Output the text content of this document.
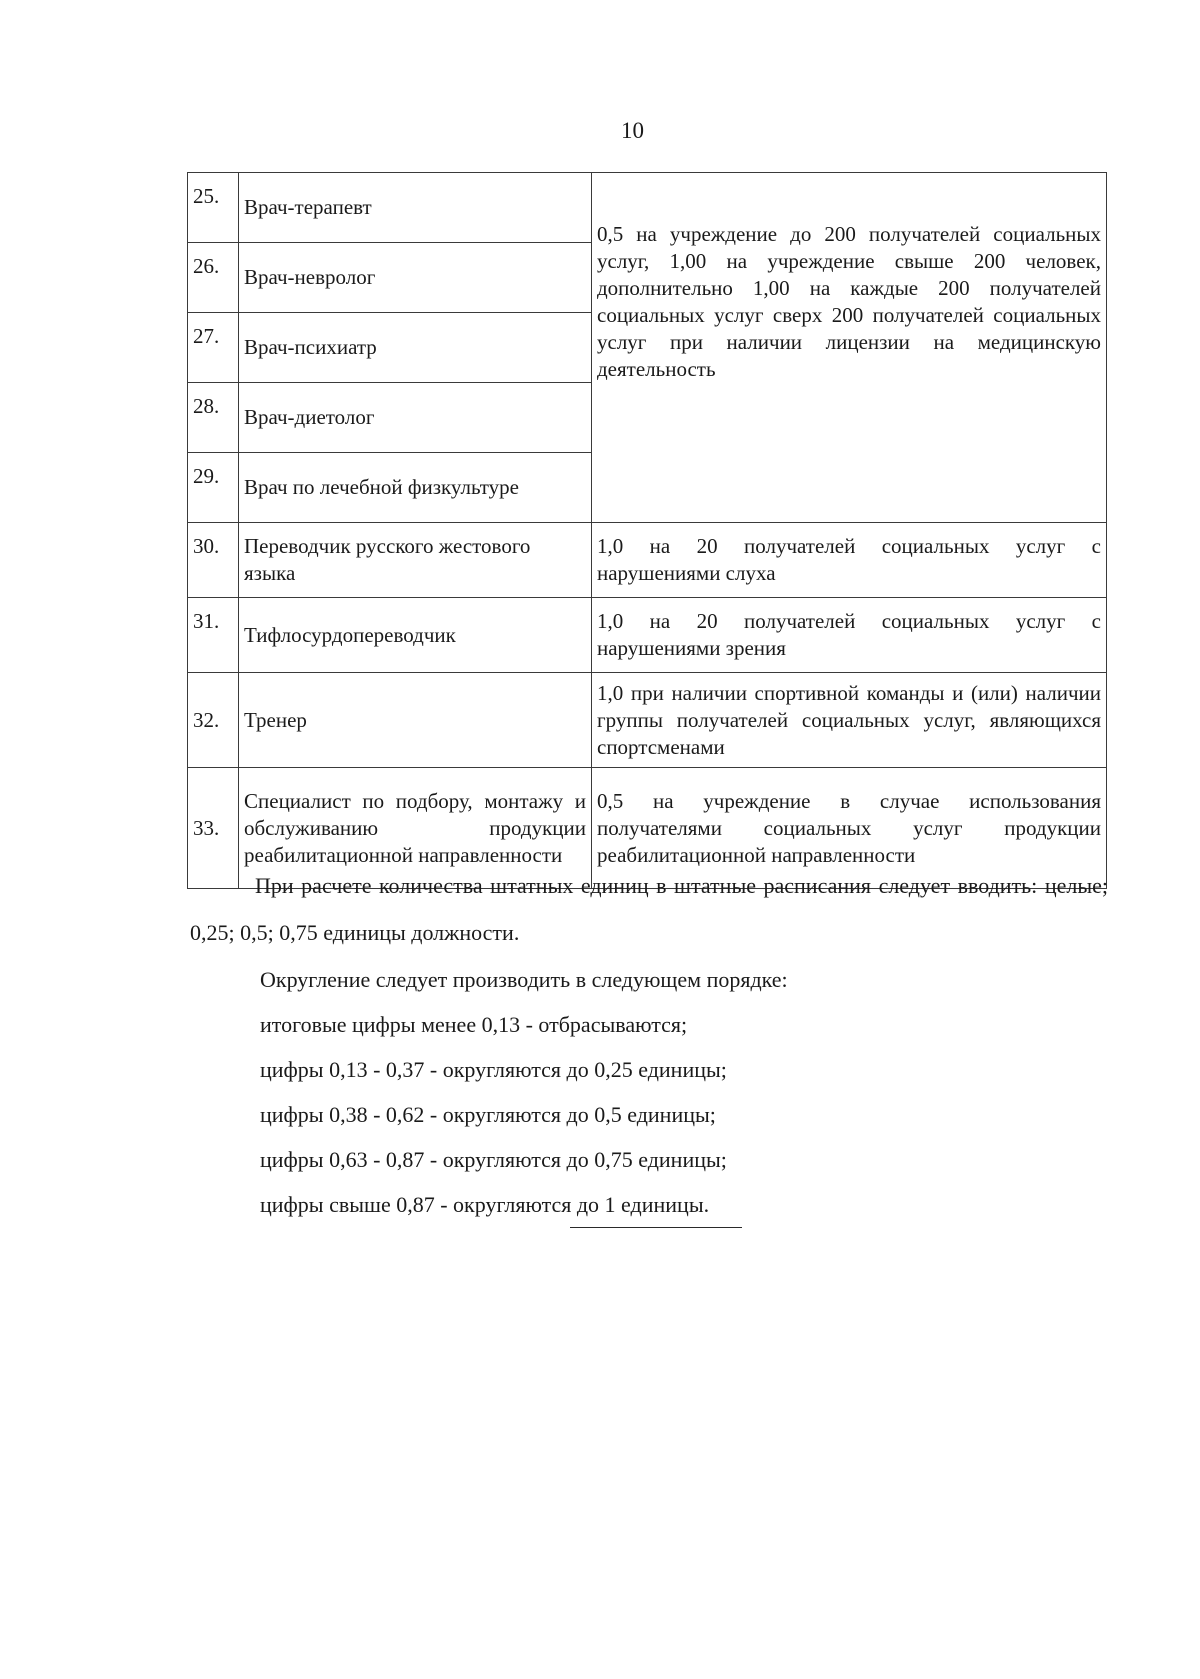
10
25.	Врач-терапевт	0,5 на учреждение до 200 получателей социальных услуг, 1,00 на учреждение свыше 200 человек, дополнительно 1,00 на каждые 200 получателей социальных услуг сверх 200 получателей социальных услуг при наличии лицензии на медицинскую деятельность
26.	Врач-невролог	
27.	Врач-психиатр	
28.	Врач-диетолог	
29.	Врач по лечебной физкультуре	
30.	Переводчик русского жестового языка	1,0 на 20 получателей социальных услуг с нарушениями слуха
31.	Тифлосурдопереводчик	1,0 на 20 получателей социальных услуг с нарушениями зрения
32.	Тренер	1,0 при наличии спортивной команды и (или) наличии группы получателей социальных услуг, являющихся спортсменами
33.	Специалист по подбору, монтажу и обслуживанию продукции реабилитационной направленности	0,5 на учреждение в случае использования получателями социальных услуг продукции реабилитационной направленности

При расчете количества штатных единиц в штатные расписания следует вводить: целые; 0,25; 0,5; 0,75 единицы должности.

Округление следует производить в следующем порядке:

итоговые цифры менее 0,13 - отбрасываются;

цифры 0,13 - 0,37 - округляются до 0,25 единицы;

цифры 0,38 - 0,62 - округляются до 0,5 единицы;

цифры 0,63 - 0,87 - округляются до 0,75 единицы;

цифры свыше 0,87 - округляются до 1 единицы.
